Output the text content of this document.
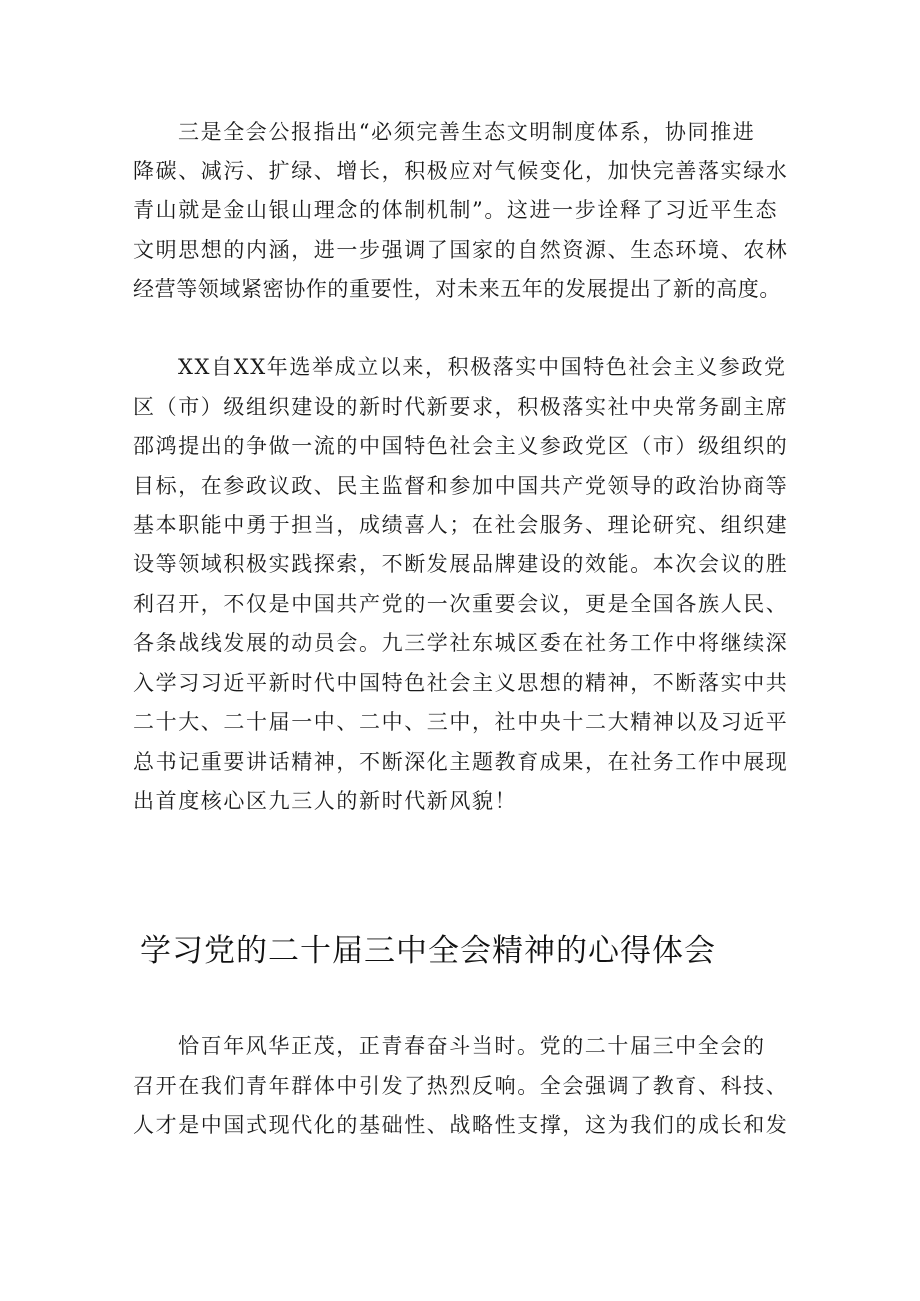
三是全会公报指出“必须完善生态文明制度体系，协同推进

降碳、减污、扩绿、增长，积极应对气候变化，加快完善落实绿水

青山就是金山银山理念的体制机制”。这进一步诠释了习近平生态

文明思想的内涵，进一步强调了国家的自然资源、生态环境、农林

经营等领域紧密协作的重要性，对未来五年的发展提出了新的高度。

XX自XX年选举成立以来，积极落实中国特色社会主义参政党

区（市）级组织建设的新时代新要求，积极落实社中央常务副主席

邵鸿提出的争做一流的中国特色社会主义参政党区（市）级组织的

目标，在参政议政、民主监督和参加中国共产党领导的政治协商等

基本职能中勇于担当，成绩喜人；在社会服务、理论研究、组织建

设等领域积极实践探索，不断发展品牌建设的效能。本次会议的胜

利召开，不仅是中国共产党的一次重要会议，更是全国各族人民、

各条战线发展的动员会。九三学社东城区委在社务工作中将继续深

入学习习近平新时代中国特色社会主义思想的精神，不断落实中共

二十大、二十届一中、二中、三中，社中央十二大精神以及习近平

总书记重要讲话精神，不断深化主题教育成果，在社务工作中展现

出首度核心区九三人的新时代新风貌！

学习党的二十届三中全会精神的心得体会

恰百年风华正茂，正青春奋斗当时。党的二十届三中全会的

召开在我们青年群体中引发了热烈反响。全会强调了教育、科技、

人才是中国式现代化的基础性、战略性支撑，这为我们的成长和发
